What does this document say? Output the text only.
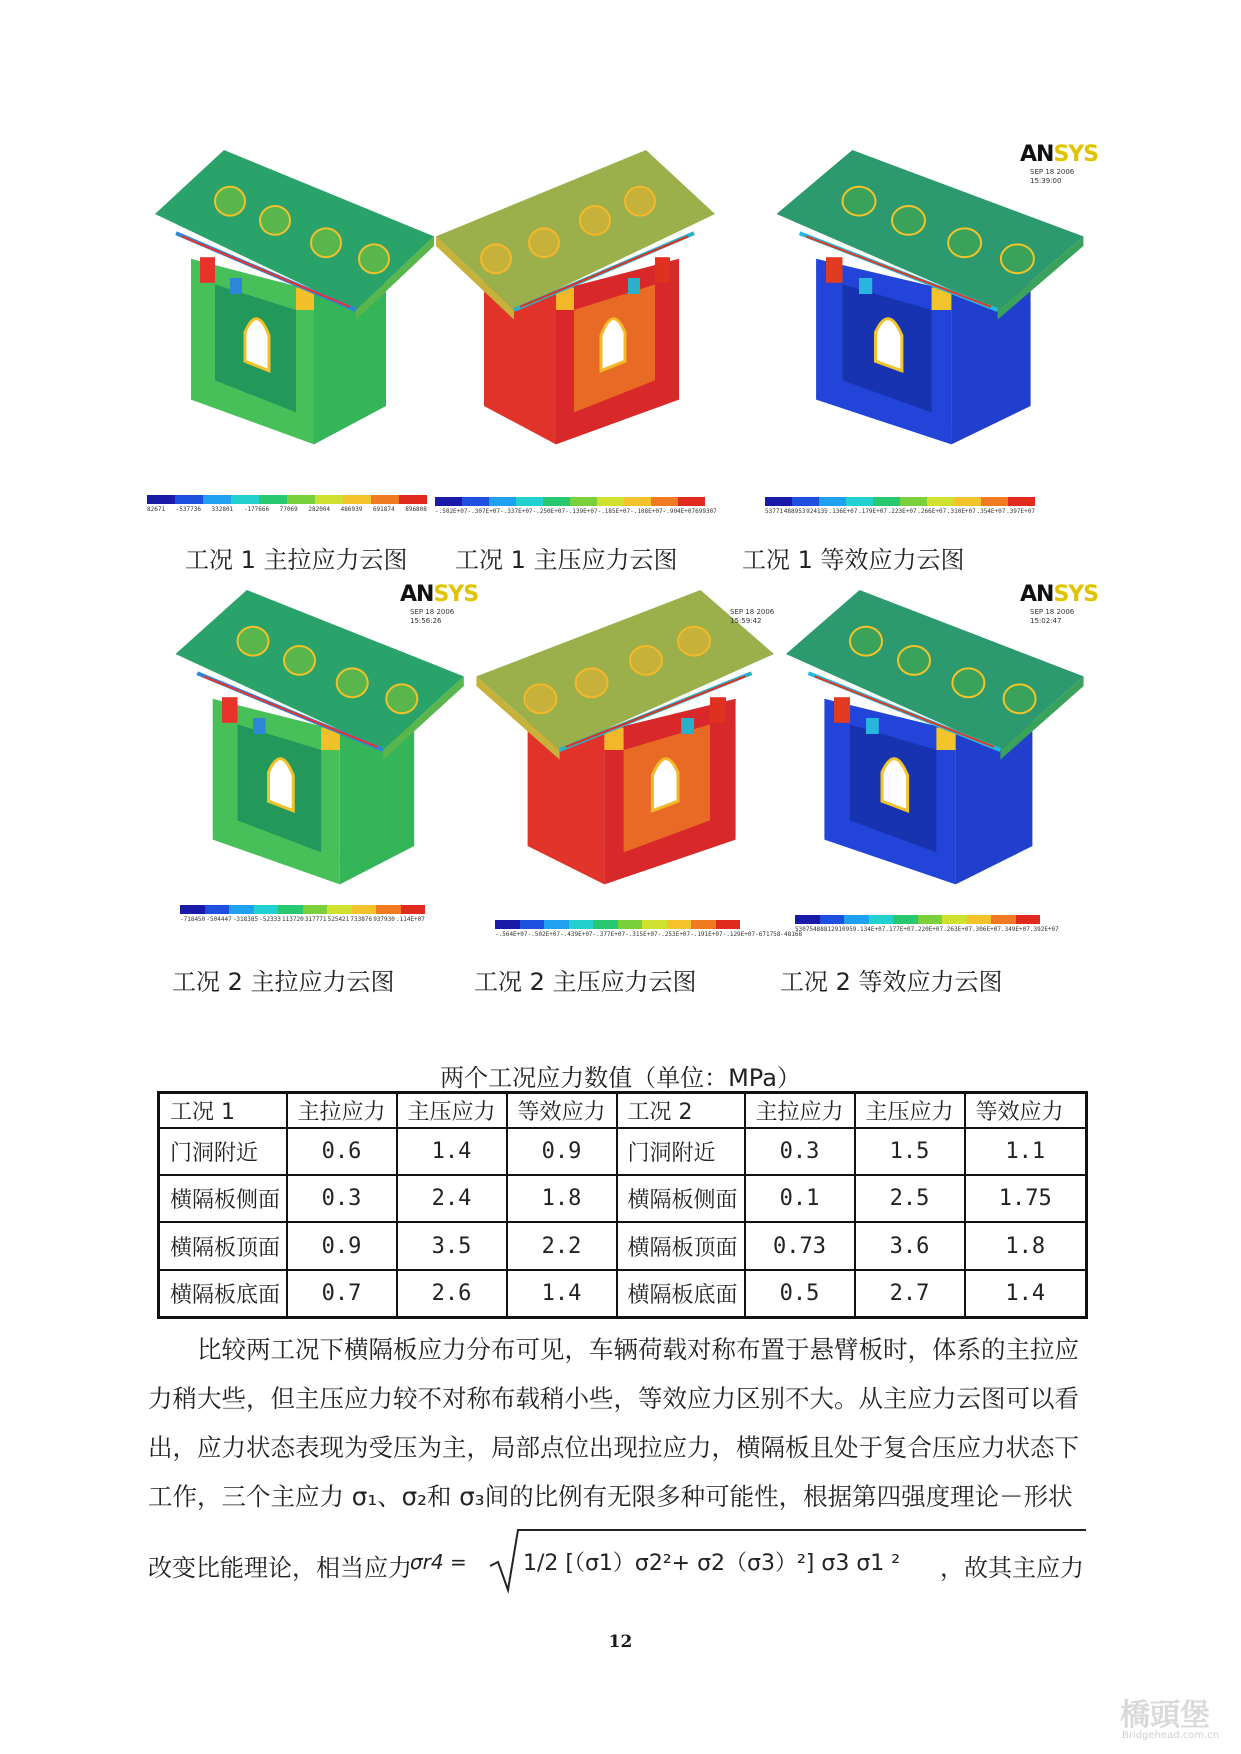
82671 -537736 332801 -177666 77069 282004 486939 691874 896808
工况 1 主拉应力云图
-.502E+07 -.307E+07 -.337E+07 -.250E+07 -.139E+07 -.185E+07 -.108E+07 -.904E+07 699307
工况 1 主压应力云图
ANSYS
SEP 18 2006
15:39:00
53771 488953 924135 .136E+07 .179E+07 .223E+07 .266E+07 .310E+07 .354E+07 .397E+07
工况 1 等效应力云图
ANSYS
SEP 18 2006
15:56:26
-718450 -504447 -318385 -52333 113720 317771 525421 733876 937930 .114E+07
工况 2 主拉应力云图
SEP 18 2006
15:59:42
-.564E+07 -.502E+07 -.439E+07 -.377E+07 -.315E+07 -.253E+07 -.191E+07 -.129E+07 -671758 -48168
工况 2 主压应力云图
ANSYS
SEP 18 2006
15:02:47
53075 488812 910959 .134E+07 .177E+07 .220E+07 .263E+07 .306E+07 .349E+07 .392E+07
工况 2 等效应力云图
两个工况应力数值（单位：MPa）
工况 1	主拉应力	主压应力	等效应力	工况 2	主拉应力	主压应力	等效应力
门洞附近	0.6	1.4	0.9	门洞附近	0.3	1.5	1.1
横隔板侧面	0.3	2.4	1.8	横隔板侧面	0.1	2.5	1.75
横隔板顶面	0.9	3.5	2.2	横隔板顶面	0.73	3.6	1.8
横隔板底面	0.7	2.6	1.4	横隔板底面	0.5	2.7	1.4

　　比较两工况下横隔板应力分布可见，车辆荷载对称布置于悬臂板时，体系的主拉应

力稍大些，但主压应力较不对称布载稍小些，等效应力区别不大。从主应力云图可以看

出，应力状态表现为受压为主，局部点位出现拉应力，横隔板且处于复合压应力状态下

工作，三个主应力 σ₁、σ₂和 σ₃间的比例有无限多种可能性，根据第四强度理论－形状

改变比能理论，相当应力
σr4 =	1/2 [（σ1）σ2²+ σ2（σ3）²] σ3 σ1 ² ，故其主应力
12
橋頭堡
Bridgehead.com.cn
